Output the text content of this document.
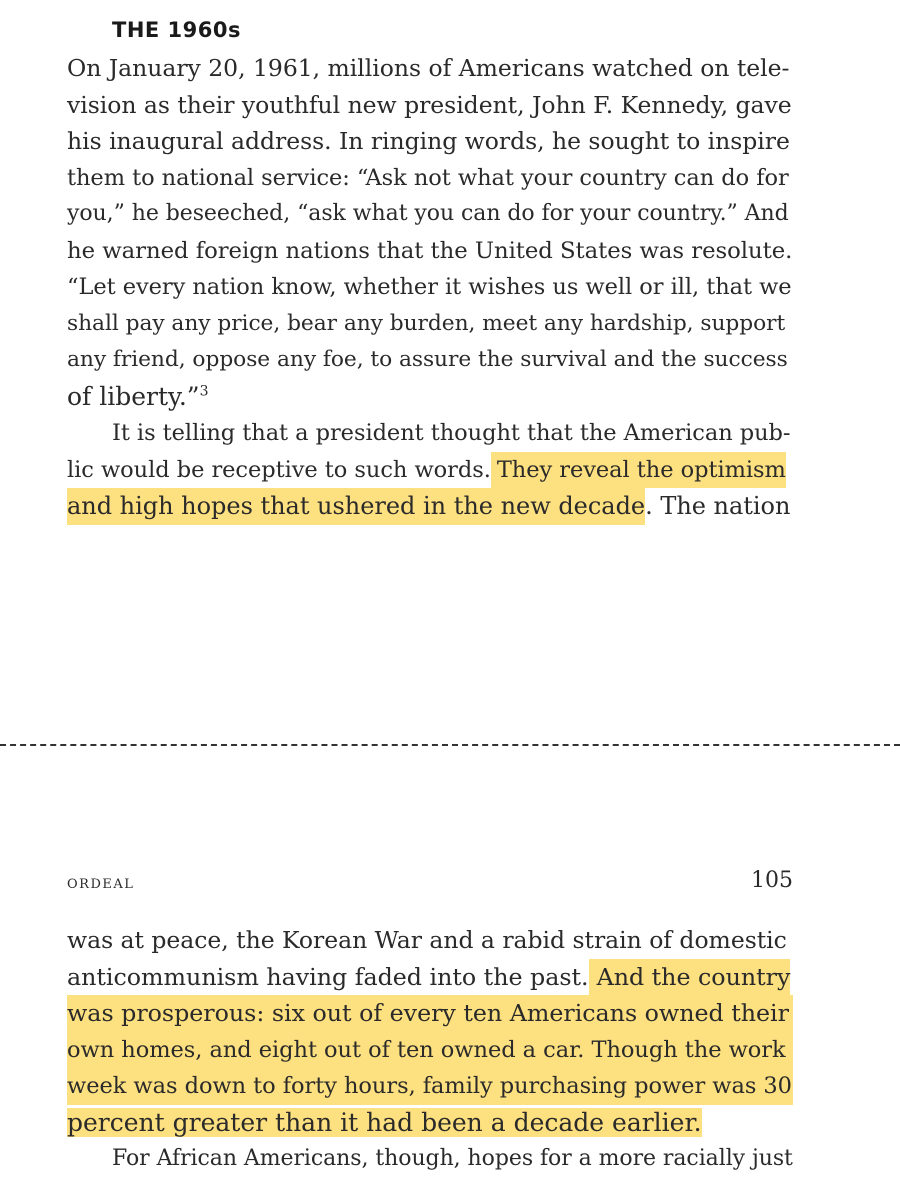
THE 1960s
On January 20, 1961, millions of Americans watched on tele-
vision as their youthful new president, John F. Kennedy, gave
his inaugural address. In ringing words, he sought to inspire
them to national service: “Ask not what your country can do for
you,” he beseeched, “ask what you can do for your country.” And
he warned foreign nations that the United States was resolute.
“Let every nation know, whether it wishes us well or ill, that we
shall pay any price, bear any burden, meet any hardship, support
any friend, oppose any foe, to assure the survival and the success
of liberty.”$^3$
It is telling that a president thought that the American pub-
lic would be receptive to such words. They reveal the optimism
and high hopes that ushered in the new decade. The nation
ordeal	105
was at peace, the Korean War and a rabid strain of domestic
anticommunism having faded into the past. And the country
was prosperous: six out of every ten Americans owned their
own homes, and eight out of ten owned a car. Though the work
week was down to forty hours, family purchasing power was 30
percent greater than it had been a decade earlier.
For African Americans, though, hopes for a more racially just
